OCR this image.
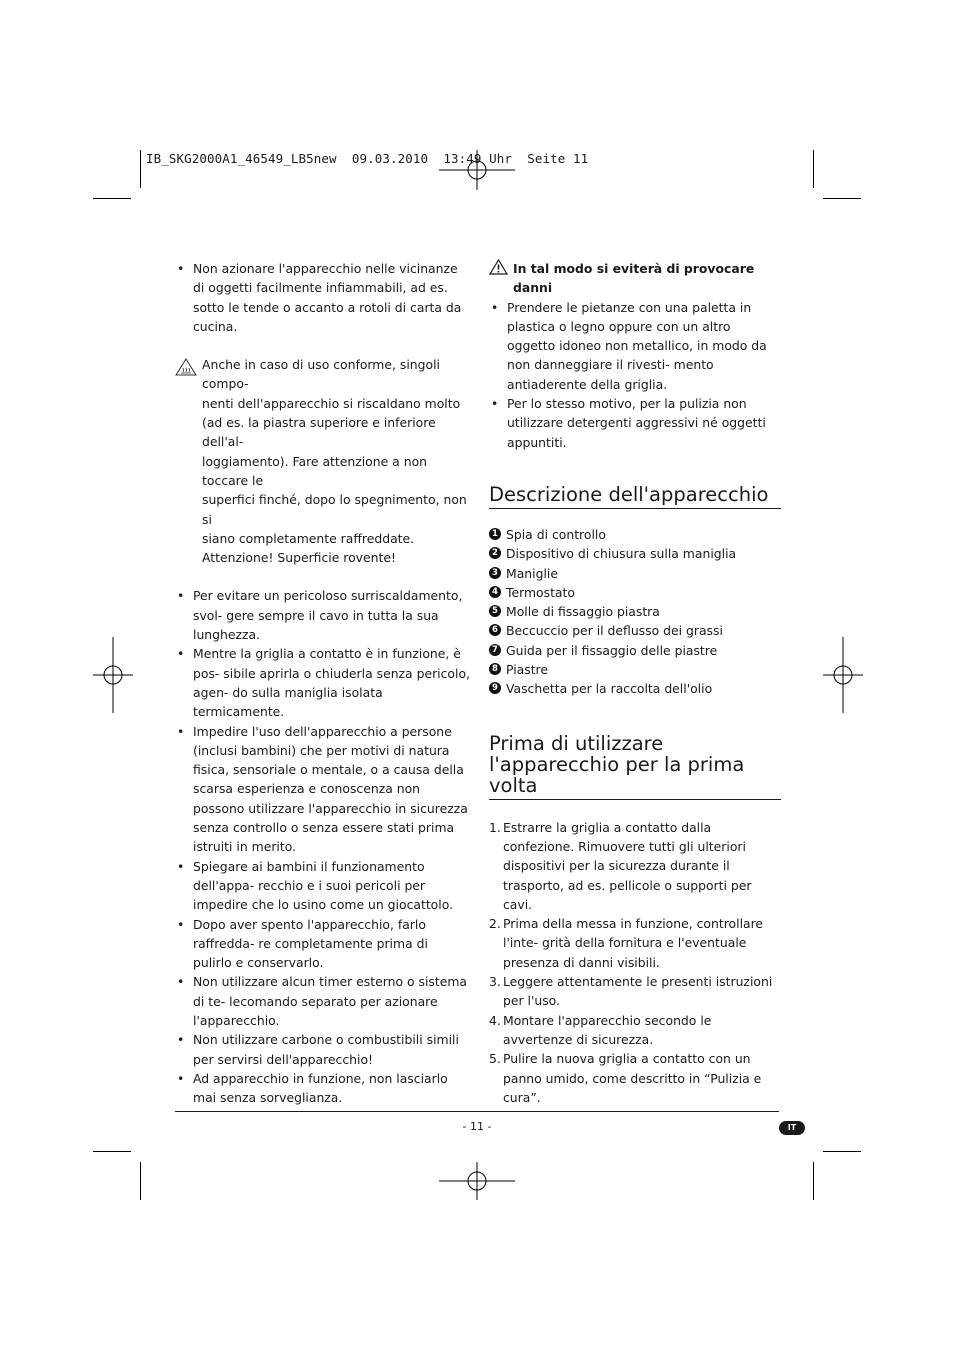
IB_SKG2000A1_46549_LB5new  09.03.2010  13:49 Uhr  Seite 11
• Non azionare l'apparecchio nelle vicinanze di oggetti facilmente infiammabili, ad es. sotto le tende o accanto a rotoli di carta da cucina.
Anche in caso di uso conforme, singoli compo-
nenti dell'apparecchio si riscaldano molto
(ad es. la piastra superiore e inferiore dell'al-
loggiamento). Fare attenzione a non toccare le
superfici finché, dopo lo spegnimento, non si
siano completamente raffreddate.
Attenzione! Superficie rovente!
• Per evitare un pericoloso surriscaldamento, svol- gere sempre il cavo in tutta la sua lunghezza.
• Mentre la griglia a contatto è in funzione, è pos- sibile aprirla o chiuderla senza pericolo, agen- do sulla maniglia isolata termicamente.
• Impedire l'uso dell'apparecchio a persone (inclusi bambini) che per motivi di natura fisica, sensoriale o mentale, o a causa della scarsa esperienza e conoscenza non possono utilizzare l'apparecchio in sicurezza senza controllo o senza essere stati prima istruiti in merito.
• Spiegare ai bambini il funzionamento dell'appa- recchio e i suoi pericoli per impedire che lo usino come un giocattolo.
• Dopo aver spento l'apparecchio, farlo raffredda- re completamente prima di pulirlo e conservarlo.
• Non utilizzare alcun timer esterno o sistema di te- lecomando separato per azionare l'apparecchio.
• Non utilizzare carbone o combustibili simili per servirsi dell'apparecchio!
• Ad apparecchio in funzione, non lasciarlo mai senza sorveglianza.
In tal modo si eviterà di provocare danni
• Prendere le pietanze con una paletta in plastica o legno oppure con un altro oggetto idoneo non metallico, in modo da non danneggiare il rivesti- mento antiaderente della griglia.
• Per lo stesso motivo, per la pulizia non utilizzare detergenti aggressivi né oggetti appuntiti.
Descrizione dell'apparecchio
1 Spia di controllo
2 Dispositivo di chiusura sulla maniglia
3 Maniglie
4 Termostato
5 Molle di fissaggio piastra
6 Beccuccio per il deflusso dei grassi
7 Guida per il fissaggio delle piastre
8 Piastre
9 Vaschetta per la raccolta dell'olio
Prima di utilizzare
l'apparecchio per la prima volta
1. Estrarre la griglia a contatto dalla confezione. Rimuovere tutti gli ulteriori dispositivi per la sicurezza durante il trasporto, ad es. pellicole o supporti per cavi.
2. Prima della messa in funzione, controllare l'inte- grità della fornitura e l'eventuale presenza di danni visibili.
3. Leggere attentamente le presenti istruzioni per l'uso.
4. Montare l'apparecchio secondo le avvertenze di sicurezza.
5. Pulire la nuova griglia a contatto con un panno umido, come descritto in “Pulizia e cura”.
- 11 -	IT
